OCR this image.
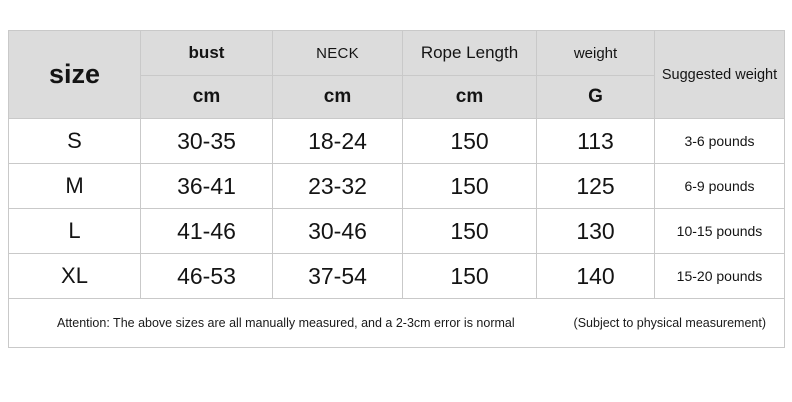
size	bust	NECK	Rope Length	weight	Suggested weight
	cm	cm	cm	G	
S	30-35	18-24	150	113	3-6 pounds
M	36-41	23-32	150	125	6-9 pounds
L	41-46	30-46	150	130	10-15 pounds
XL	46-53	37-54	150	140	15-20 pounds

Attention: The above sizes are all manually measured, and a 2-3cm error is normal (Subject to physical measurement)					
